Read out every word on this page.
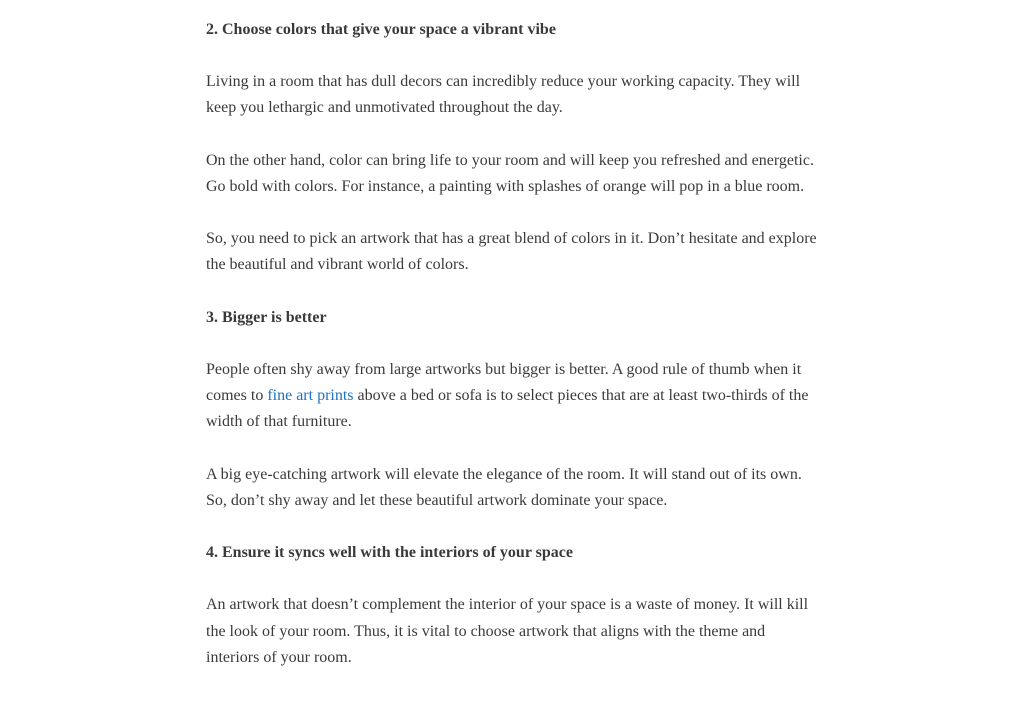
2. Choose colors that give your space a vibrant vibe

Living in a room that has dull decors can incredibly reduce your working capacity. They will keep you lethargic and unmotivated throughout the day.

On the other hand, color can bring life to your room and will keep you refreshed and energetic. Go bold with colors. For instance, a painting with splashes of orange will pop in a blue room.

So, you need to pick an artwork that has a great blend of colors in it. Don’t hesitate and explore the beautiful and vibrant world of colors.

3. Bigger is better

People often shy away from large artworks but bigger is better. A good rule of thumb when it comes to fine art prints above a bed or sofa is to select pieces that are at least two-thirds of the width of that furniture.

A big eye-catching artwork will elevate the elegance of the room. It will stand out of its own. So, don’t shy away and let these beautiful artwork dominate your space.

4. Ensure it syncs well with the interiors of your space

An artwork that doesn’t complement the interior of your space is a waste of money. It will kill the look of your room. Thus, it is vital to choose artwork that aligns with the theme and interiors of your room.
